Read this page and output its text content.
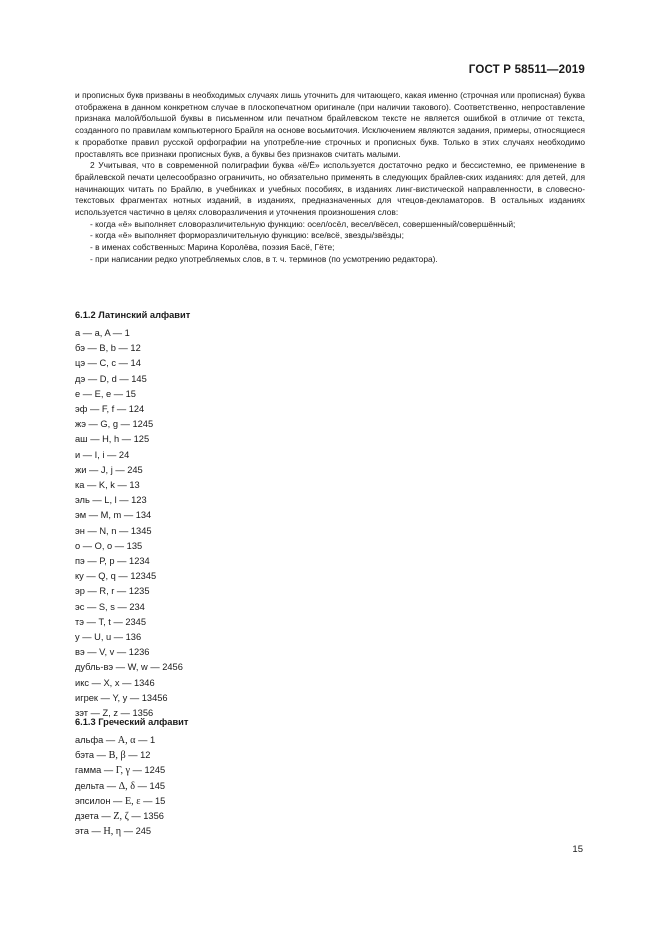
ГОСТ Р 58511—2019

и прописных букв призваны в необходимых случаях лишь уточнить для читающего, какая именно (строчная или прописная) буква отображена в данном конкретном случае в плоскопечатном оригинале (при наличии такового). Соответственно, непроставление признака малой/большой буквы в письменном или печатном брайлевском тексте не является ошибкой в отличие от текста, созданного по правилам компьютерного Брайля на основе восьмиточия. Исключением являются задания, примеры, относящиеся к проработке правил русской орфографии на употребле-ние строчных и прописных букв. Только в этих случаях необходимо проставлять все признаки прописных букв, а буквы без признаков считать малыми.

2 Учитывая, что в современной полиграфии буква «ё/Ё» используется достаточно редко и бессистемно, ее применение в брайлевской печати целесообразно ограничить, но обязательно применять в следующих брайлев-ских изданиях: для детей, для начинающих читать по Брайлю, в учебниках и учебных пособиях, в изданиях линг-вистической направленности, в словесно-текстовых фрагментах нотных изданий, в изданиях, предназначенных для чтецов-декламаторов. В остальных изданиях используется частично в целях словоразличения и уточнения произношения слов:

- когда «ё» выполняет словоразличительную функцию: осел/осёл, весел/вёсел, совершенный/совершённый;

- когда «ё» выполняет форморазличительную функцию: все/всё, звезды/звёзды;

- в именах собственных: Марина Королёва, поэзия Басё, Гёте;

- при написании редко употребляемых слов, в т. ч. терминов (по усмотрению редактора).

6.1.2 Латинский алфавит
а — a, A — 1
бэ — B, b — 12
цэ — C, c — 14
дэ — D, d — 145
е — E, e — 15
эф — F, f — 124
жэ — G, g — 1245
аш — H, h — 125
и — I, i — 24
жи — J, j — 245
ка — K, k — 13
эль — L, l — 123
эм — M, m — 134
эн — N, n — 1345
о — O, o — 135
пэ — P, p — 1234
ку — Q, q — 12345
эр — R, r — 1235
эс — S, s — 234
тэ — T, t — 2345
у — U, u — 136
вэ — V, v — 1236
дубль-вэ — W, w — 2456
икс — X, x — 1346
игрек — Y, y — 13456
зэт — Z, z — 1356
6.1.3 Греческий алфавит
альфа — Α, α — 1
бэта — Β, β — 12
гамма — Γ, γ — 1245
дельта — Δ, δ — 145
эпсилон — Ε, ε — 15
дзета — Ζ, ζ — 1356
эта — Η, η — 245
15
